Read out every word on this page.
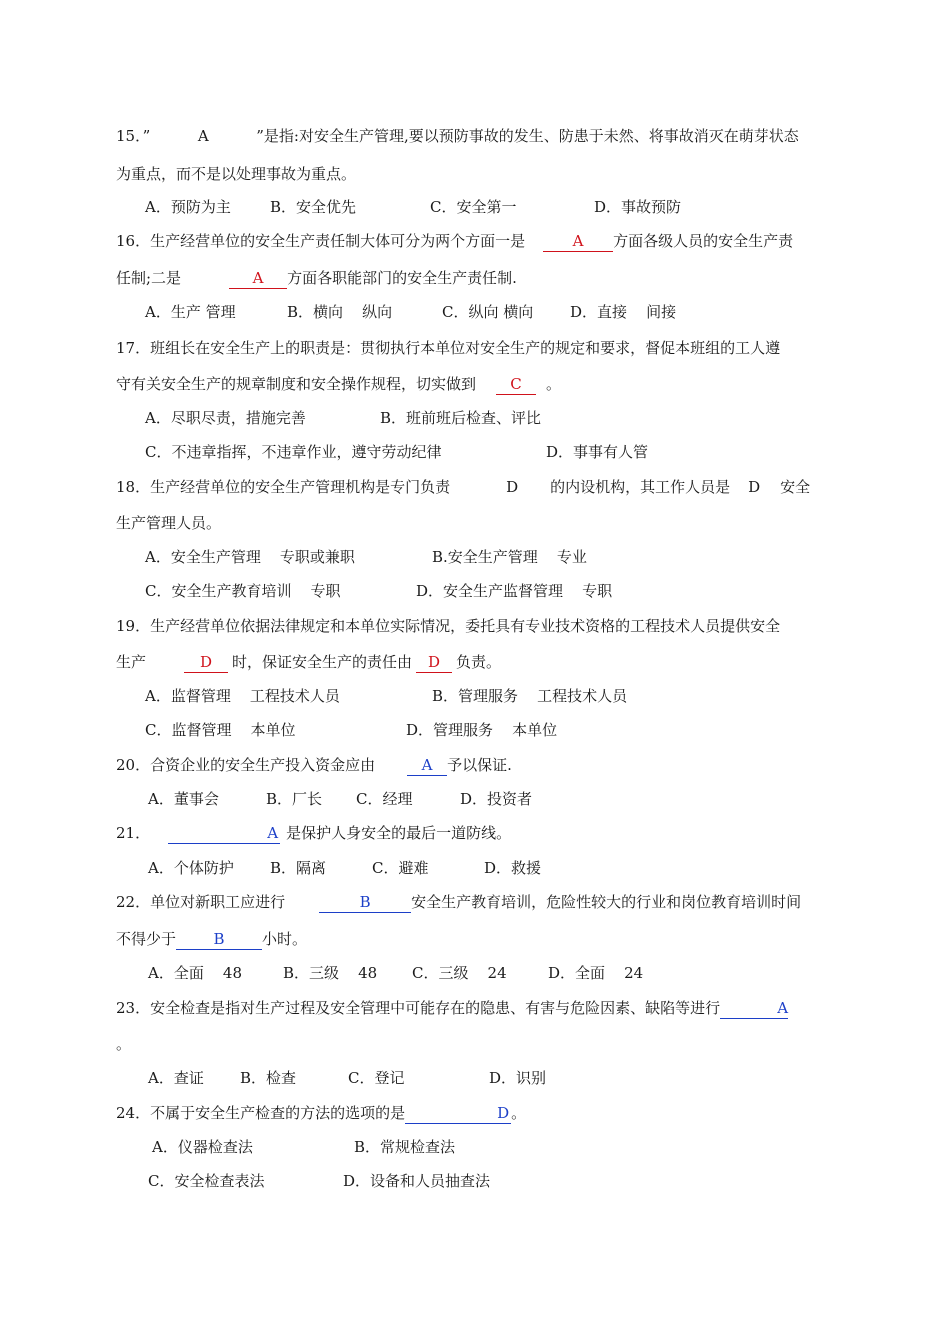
15．”	A	”是指:对安全生产管理,要以预防事故的发生、防患于未然、将事故消灭在萌芽状态
为重点，而不是以处理事故为重点。
A．预防为主	B．安全优先	C．安全第一	D．事故预防
16．生产经营单位的安全生产责任制大体可分为两个方面一是	A 方面各级人员的安全生产责
任制;二是	A 方面各职能部门的安全生产责任制.
A．生产 管理	B．横向    纵向	C．纵向 横向 D．直接    间接
17．班组长在安全生产上的职责是：贯彻执行本单位对安全生产的规定和要求，督促本班组的工人遵
守有关安全生产的规章制度和安全操作规程，切实做到 C 。
A．尽职尽责，措施完善	B．班前班后检查、评比
C．不违章指挥，不违章作业，遵守劳动纪律	D．事事有人管
18．生产经营单位的安全生产管理机构是专门负责	D 的内设机构，其工作人员是 D 安全
生产管理人员。
A．安全生产管理    专职或兼职	B.安全生产管理    专业
C．安全生产教育培训    专职	D．安全生产监督管理    专职
19．生产经营单位依据法律规定和本单位实际情况，委托具有专业技术资格的工程技术人员提供安全
生产	D 时，保证安全生产的责任由 D 负责。
A．监督管理    工程技术人员	B．管理服务    工程技术人员
C．监督管理    本单位	D．管理服务    本单位
20．合资企业的安全生产投入资金应由	A 予以保证.
A．董事会	B．厂长 C．经理	D．投资者
21．	A 是保护人身安全的最后一道防线。
A．个体防护 B．隔离	C．避难	D．救援
22．单位对新职工应进行	B	安全生产教育培训，危险性较大的行业和岗位教育培训时间
不得少于 B 小时。
A．全面    48	B．三级    48 C．三级    24	D．全面    24
23．安全检查是指对生产过程及安全管理中可能存在的隐患、有害与危险因素、缺陷等进行	A
。
A．查证 B．检查	C．登记	D．识别
24．不属于安全生产检查的方法的选项的是	D 。
A．仪器检查法	B．常规检查法
C．安全检查表法	D．设备和人员抽查法
